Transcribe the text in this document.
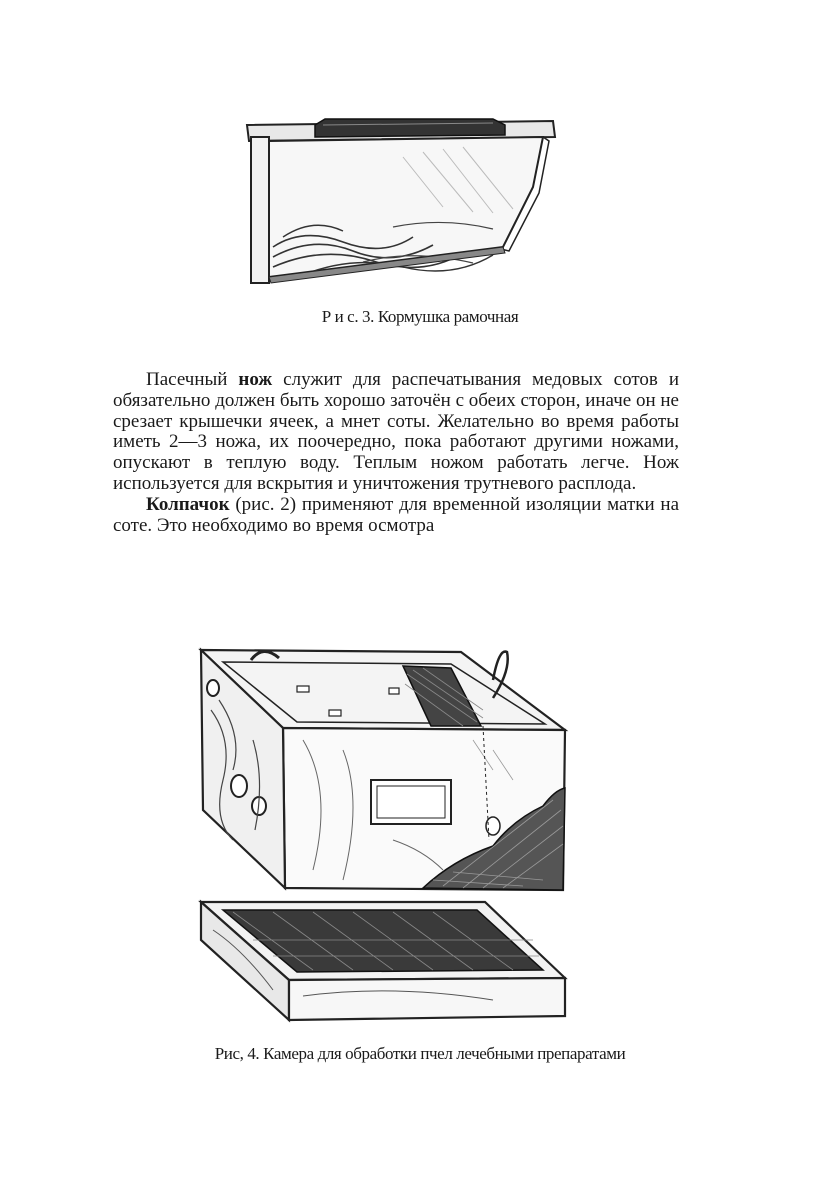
Р и с. 3. Кормушка рамочная

Пасечный нож служит для распечатывания медовых сотов и обязательно должен быть хорошо заточён с обеих сторон, иначе он не срезает крышечки ячеек, а мнет соты. Желательно во время работы иметь 2—3 ножа, их поочередно, пока работают другими ножами, опускают в теплую воду. Теплым ножом работать легче. Нож используется для вскрытия и уничтожения трутневого расплода.

Колпачок (рис. 2) применяют для временной изоляции матки на соте. Это необходимо во время осмотра

Рис, 4. Камера для обработки пчел лечебными препаратами
